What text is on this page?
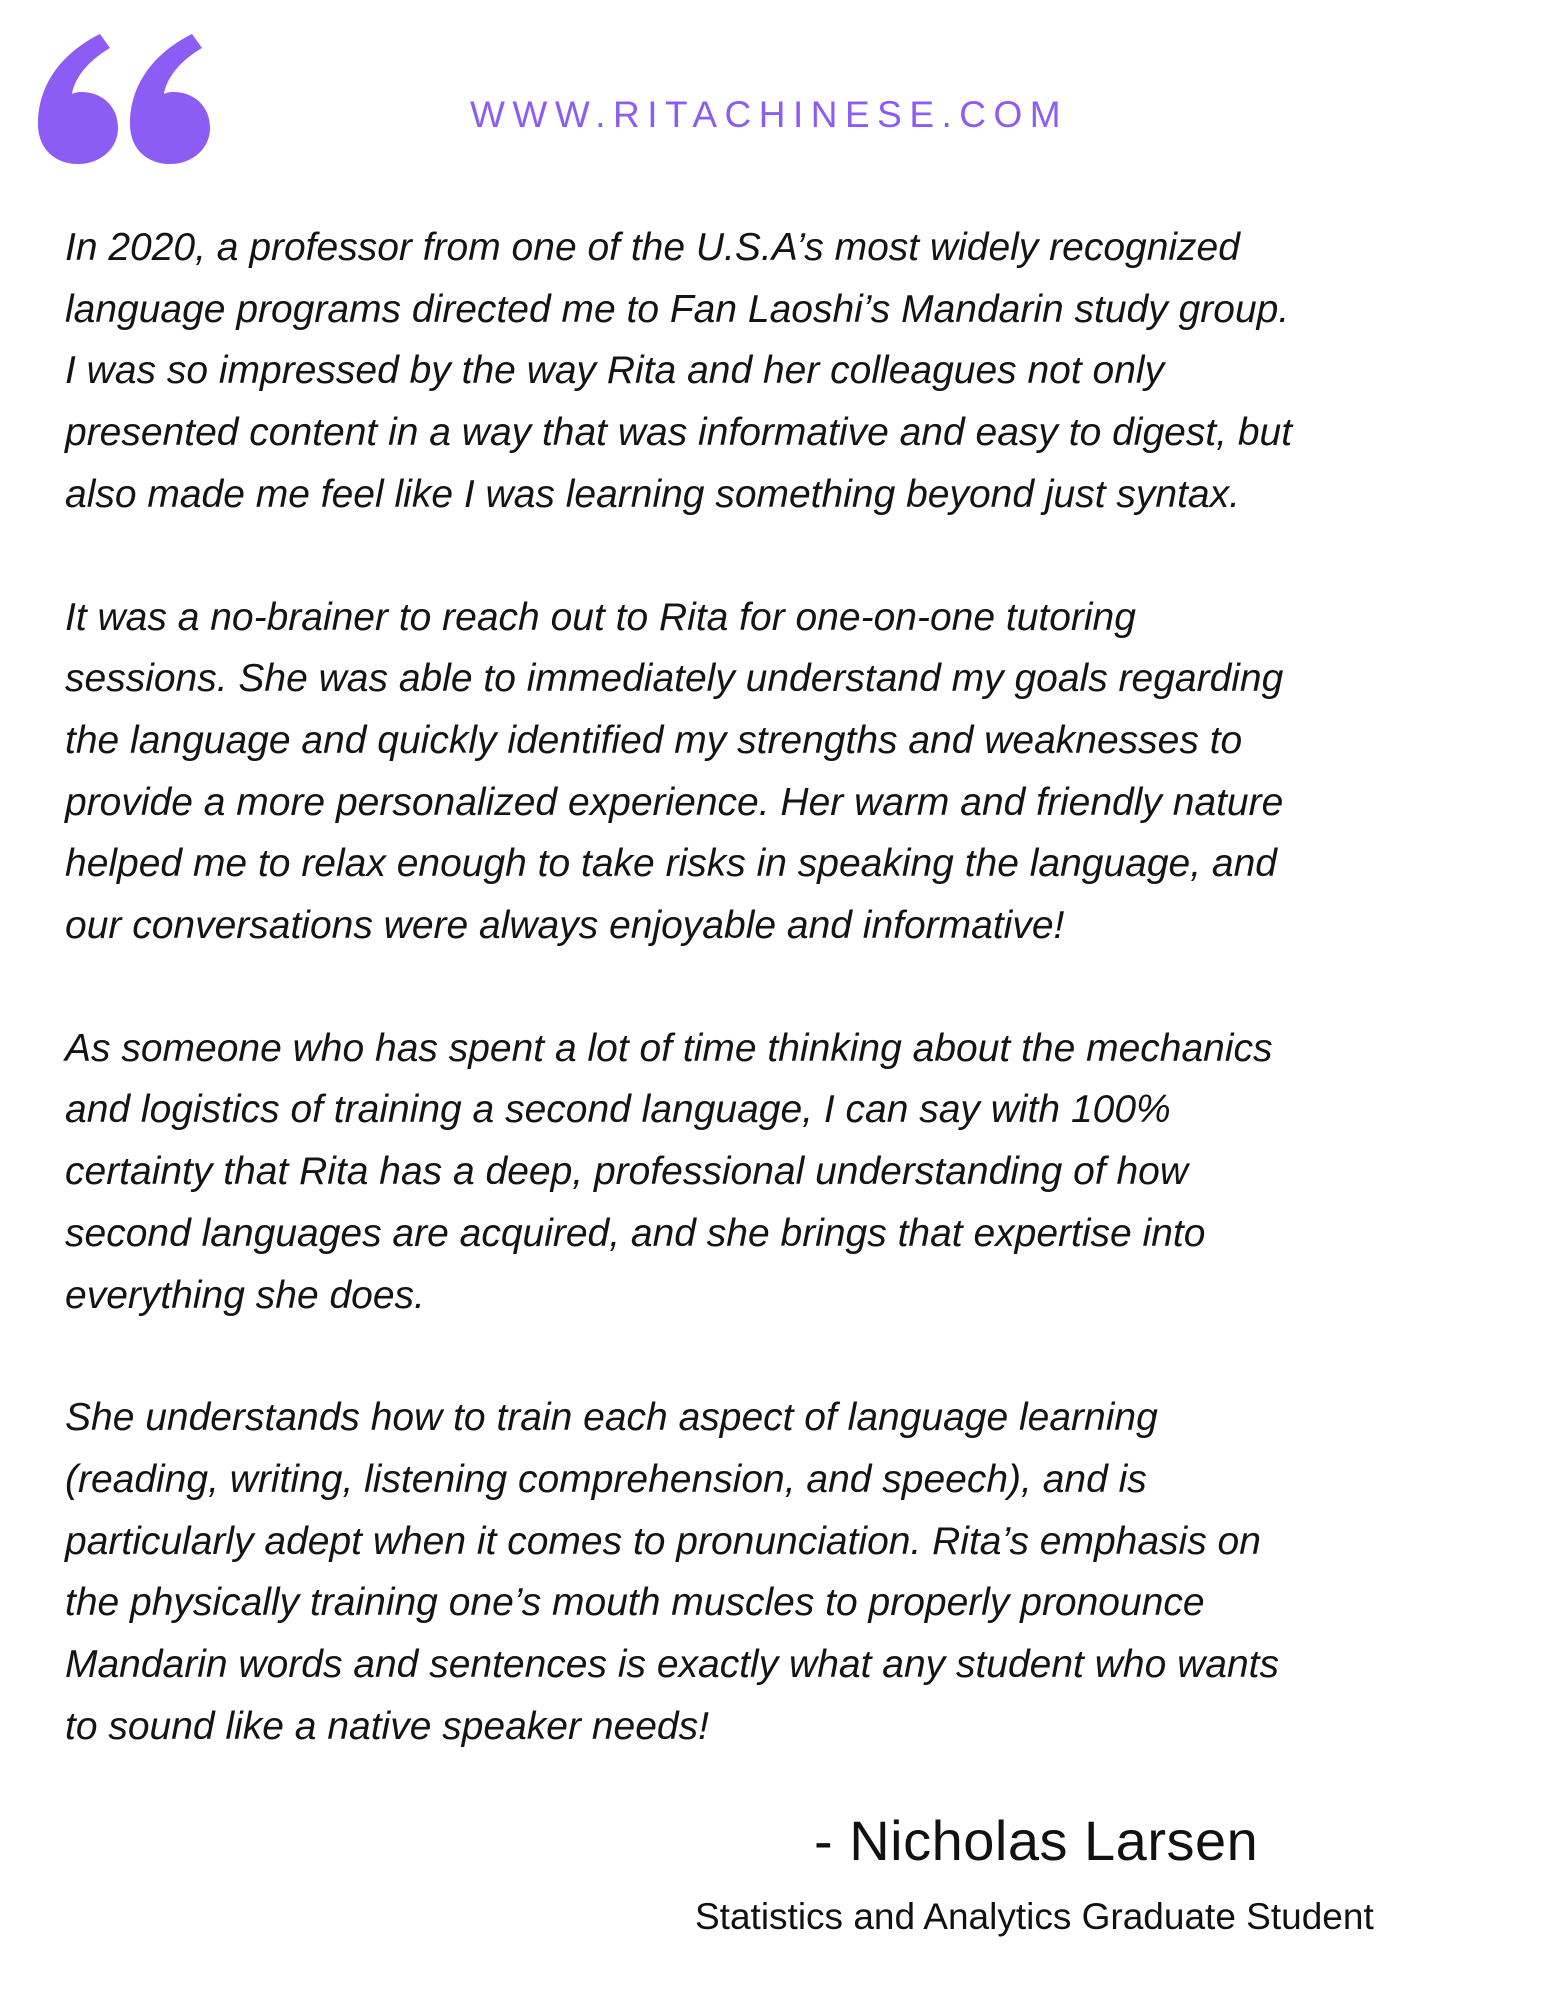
WWW.RITACHINESE.COM
In 2020, a professor from one of the U.S.A’s most widely recognized
language programs directed me to Fan Laoshi’s Mandarin study group.
I was so impressed by the way Rita and her colleagues not only
presented content in a way that was informative and easy to digest, but
also made me feel like I was learning something beyond just syntax.
It was a no-brainer to reach out to Rita for one-on-one tutoring
sessions. She was able to immediately understand my goals regarding
the language and quickly identified my strengths and weaknesses to
provide a more personalized experience. Her warm and friendly nature
helped me to relax enough to take risks in speaking the language, and
our conversations were always enjoyable and informative!
As someone who has spent a lot of time thinking about the mechanics
and logistics of training a second language, I can say with 100%
certainty that Rita has a deep, professional understanding of how
second languages are acquired, and she brings that expertise into
everything she does.
She understands how to train each aspect of language learning
(reading, writing, listening comprehension, and speech), and is
particularly adept when it comes to pronunciation. Rita’s emphasis on
the physically training one’s mouth muscles to properly pronounce
Mandarin words and sentences is exactly what any student who wants
to sound like a native speaker needs!
- Nicholas Larsen
Statistics and Analytics Graduate Student
